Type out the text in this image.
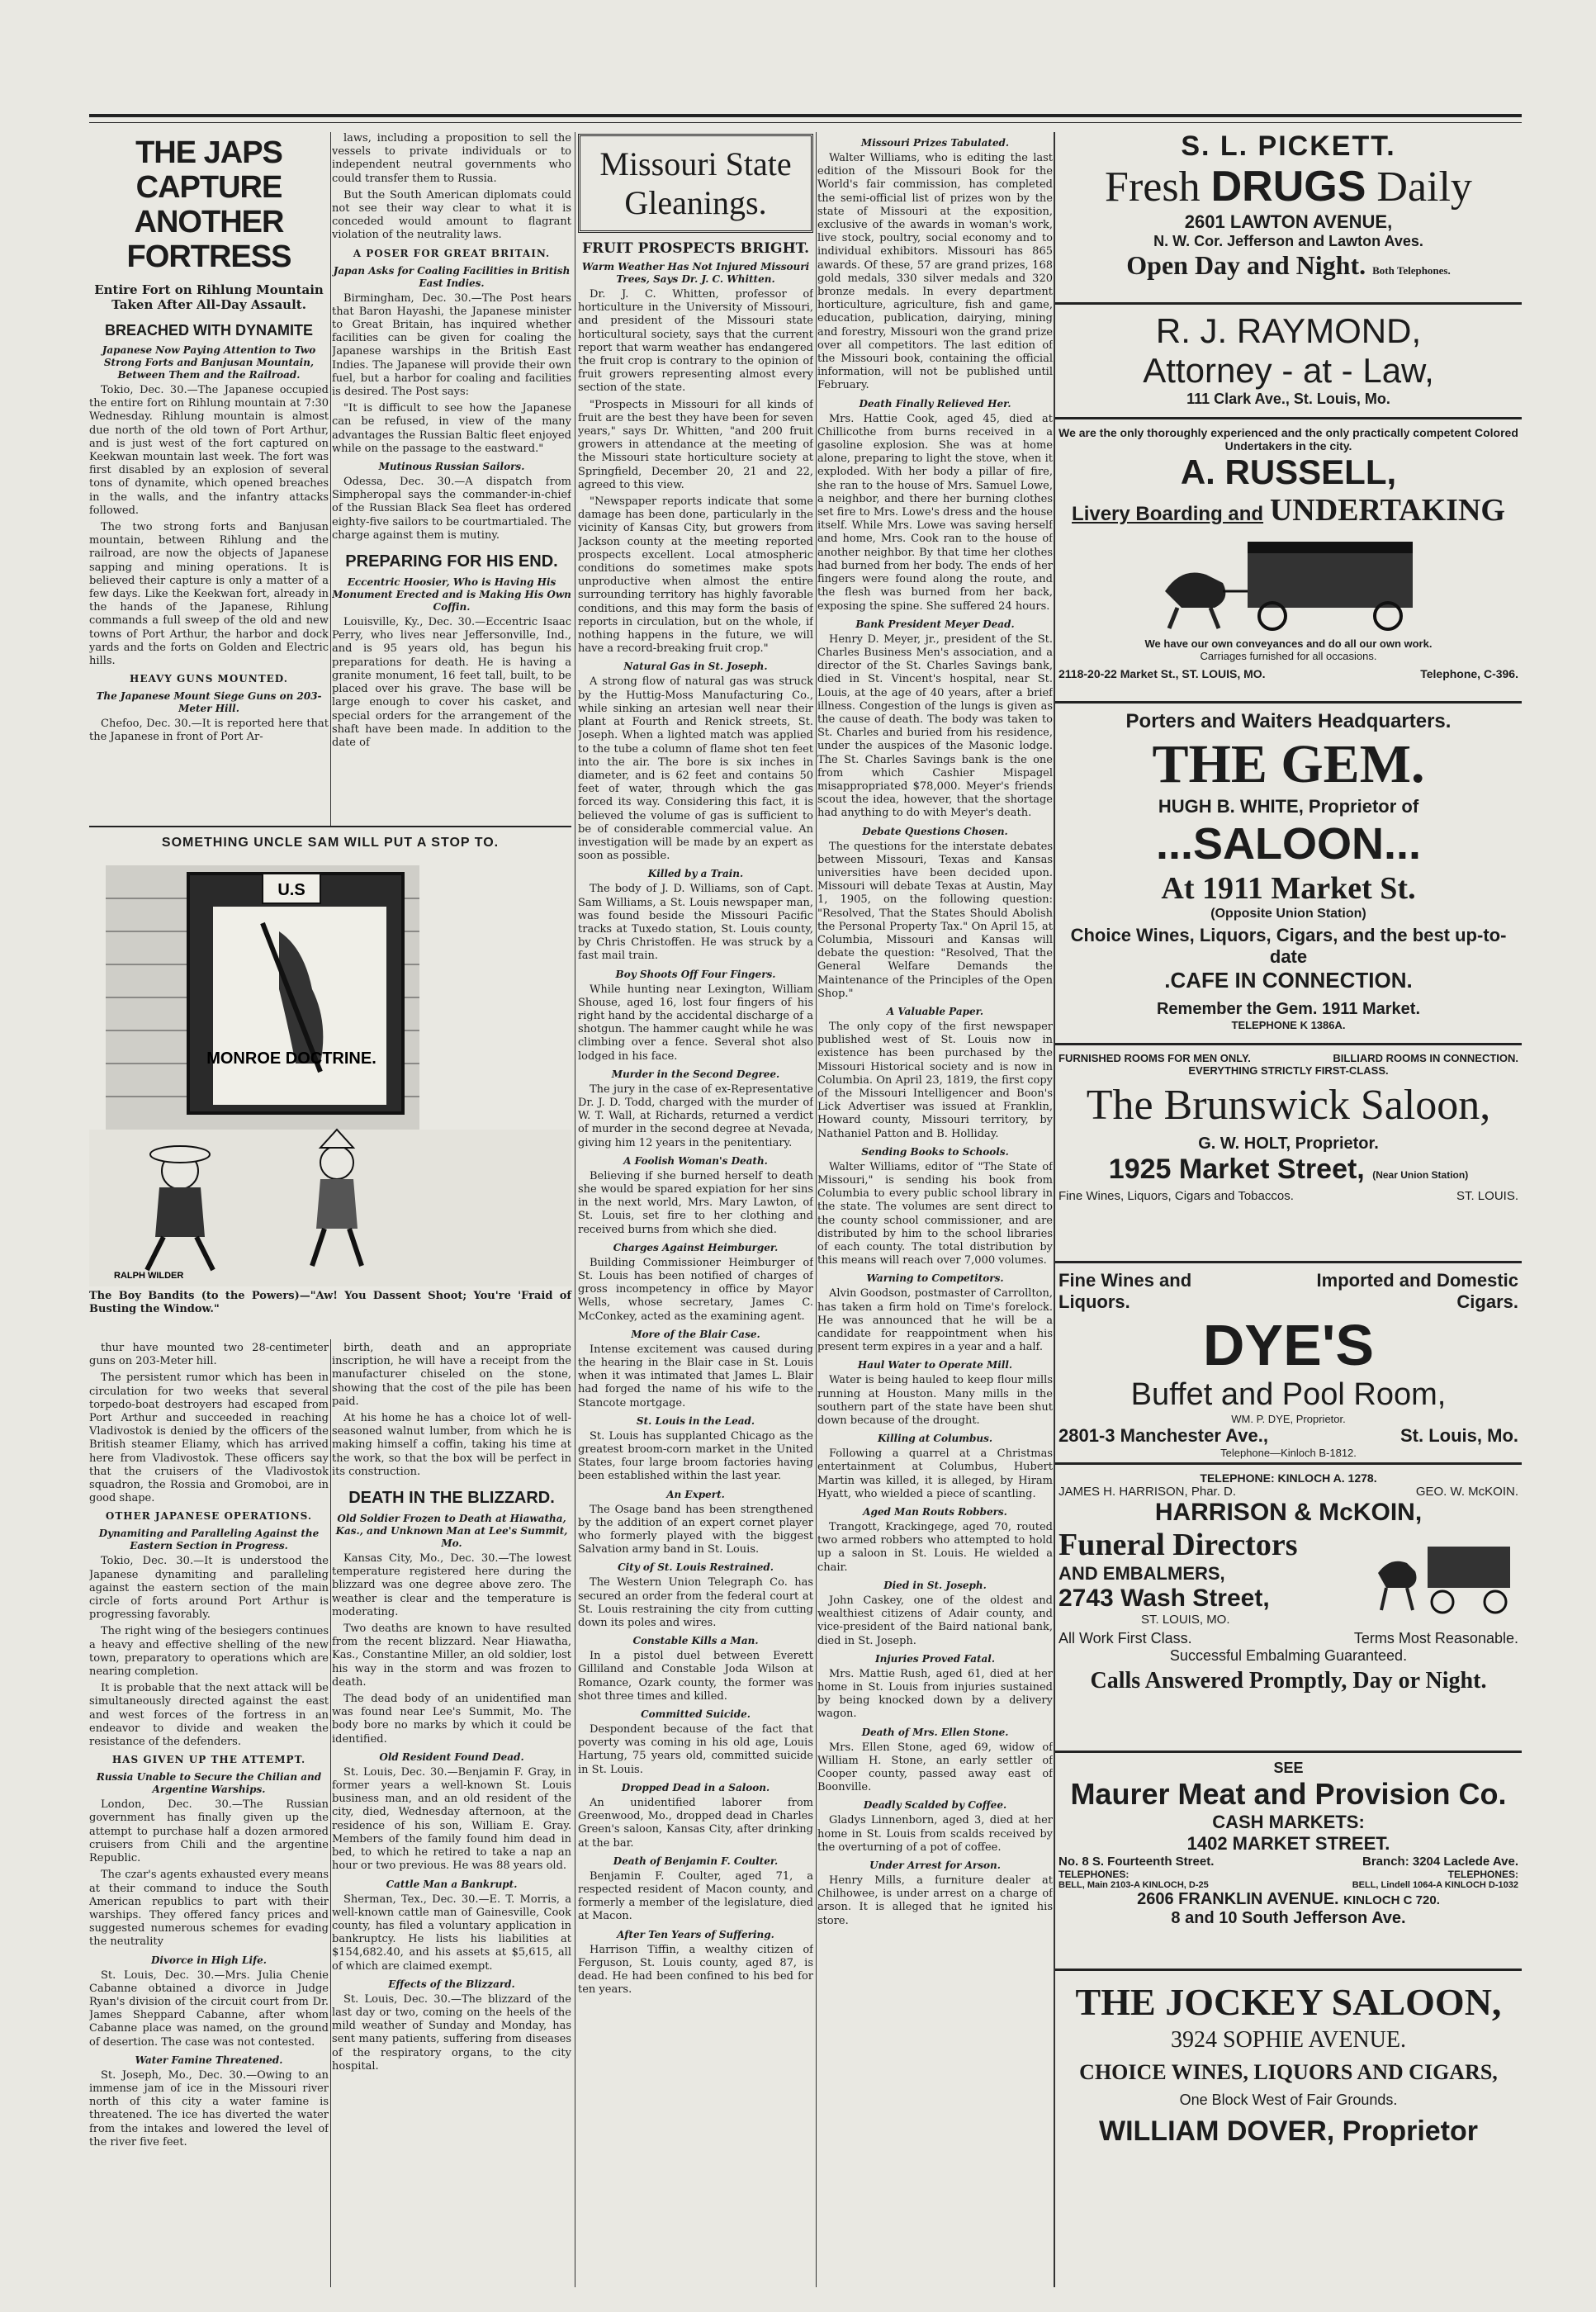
THE JAPS CAPTURE ANOTHER FORTRESS
Entire Fort on Rihlung Mountain Taken After All-Day Assault.
BREACHED WITH DYNAMITE
Japanese Now Paying Attention to Two Strong Forts and Banjusan Mountain, Between Them and the Railroad.

Tokio, Dec. 30.—The Japanese occupied the entire fort on Rihlung mountain at 7:30 Wednesday. Rihlung mountain is almost due north of the old town of Port Arthur, and is just west of the fort captured on Keekwan mountain last week. The fort was first disabled by an explosion of several tons of dynamite, which opened breaches in the walls, and the infantry attacks followed.

The two strong forts and Banjusan mountain, between Rihlung and the railroad, are now the objects of Japanese sapping and mining operations. It is believed their capture is only a matter of a few days. Like the Keekwan fort, already in the hands of the Japanese, Rihlung commands a full sweep of the old and new towns of Port Arthur, the harbor and dock yards and the forts on Golden and Electric hills.

HEAVY GUNS MOUNTED.
The Japanese Mount Siege Guns on 203-Meter Hill.

Chefoo, Dec. 30.—It is reported here that the Japanese in front of Port Ar-

SOMETHING UNCLE SAM WILL PUT A STOP TO.
U.S
MONROE DOCTRINE.
RALPH WILDER
The Boy Bandits (to the Powers)—"Aw! You Dassent Shoot; You're 'Fraid of Busting the Window."

thur have mounted two 28-centimeter guns on 203-Meter hill.

The persistent rumor which has been in circulation for two weeks that several torpedo-boat destroyers had escaped from Port Arthur and succeeded in reaching Vladivostok is denied by the officers of the British steamer Eliamy, which has arrived here from Vladivostok. These officers say that the cruisers of the Vladivostok squadron, the Rossia and Gromoboi, are in good shape.

OTHER JAPANESE OPERATIONS.
Dynamiting and Paralleling Against the Eastern Section in Progress.

Tokio, Dec. 30.—It is understood the Japanese dynamiting and paralleling against the eastern section of the main circle of forts around Port Arthur is progressing favorably.

The right wing of the besiegers continues a heavy and effective shelling of the new town, preparatory to operations which are nearing completion.

It is probable that the next attack will be simultaneously directed against the east and west forces of the fortress in an endeavor to divide and weaken the resistance of the defenders.

HAS GIVEN UP THE ATTEMPT.
Russia Unable to Secure the Chilian and Argentine Warships.

London, Dec. 30.—The Russian government has finally given up the attempt to purchase half a dozen armored cruisers from Chili and the argentine Republic.

The czar's agents exhausted every means at their command to induce the South American republics to part with their warships. They offered fancy prices and suggested numerous schemes for evading the neutrality

Divorce in High Life.

St. Louis, Dec. 30.—Mrs. Julia Chenie Cabanne obtained a divorce in Judge Ryan's division of the circuit court from Dr. James Sheppard Cabanne, after whom Cabanne place was named, on the ground of desertion. The case was not contested.

Water Famine Threatened.

St. Joseph, Mo., Dec. 30.—Owing to an immense jam of ice in the Missouri river north of this city a water famine is threatened. The ice has diverted the water from the intakes and lowered the level of the river five feet.

laws, including a proposition to sell the vessels to private individuals or to independent neutral governments who could transfer them to Russia.

But the South American diplomats could not see their way clear to what it is conceded would amount to flagrant violation of the neutrality laws.

A POSER FOR GREAT BRITAIN.
Japan Asks for Coaling Facilities in British East Indies.

Birmingham, Dec. 30.—The Post hears that Baron Hayashi, the Japanese minister to Great Britain, has inquired whether facilities can be given for coaling the Japanese warships in the British East Indies. The Japanese will provide their own fuel, but a harbor for coaling and facilities is desired. The Post says:

"It is difficult to see how the Japanese can be refused, in view of the many advantages the Russian Baltic fleet enjoyed while on the passage to the eastward."

Mutinous Russian Sailors.

Odessa, Dec. 30.—A dispatch from Simpheropal says the commander-in-chief of the Russian Black Sea fleet has ordered eighty-five sailors to be courtmartialed. The charge against them is mutiny.

PREPARING FOR HIS END.
Eccentric Hoosier, Who is Having His Monument Erected and is Making His Own Coffin.

Louisville, Ky., Dec. 30.—Eccentric Isaac Perry, who lives near Jeffersonville, Ind., and is 95 years old, has begun his preparations for death. He is having a granite monument, 16 feet tall, built, to be placed over his grave. The base will be large enough to cover his casket, and special orders for the arrangement of the shaft have been made. In addition to the date of

birth, death and an appropriate inscription, he will have a receipt from the manufacturer chiseled on the stone, showing that the cost of the pile has been paid.

At his home he has a choice lot of well-seasoned walnut lumber, from which he is making himself a coffin, taking his time at the work, so that the box will be perfect in its construction.

DEATH IN THE BLIZZARD.
Old Soldier Frozen to Death at Hiawatha, Kas., and Unknown Man at Lee's Summit, Mo.

Kansas City, Mo., Dec. 30.—The lowest temperature registered here during the blizzard was one degree above zero. The weather is clear and the temperature is moderating.

Two deaths are known to have resulted from the recent blizzard. Near Hiawatha, Kas., Constantine Miller, an old soldier, lost his way in the storm and was frozen to death.

The dead body of an unidentified man was found near Lee's Summit, Mo. The body bore no marks by which it could be identified.

Old Resident Found Dead.

St. Louis, Dec. 30.—Benjamin F. Gray, in former years a well-known St. Louis business man, and an old resident of the city, died, Wednesday afternoon, at the residence of his son, William E. Gray. Members of the family found him dead in bed, to which he retired to take a nap an hour or two previous. He was 88 years old.

Cattle Man a Bankrupt.

Sherman, Tex., Dec. 30.—E. T. Morris, a well-known cattle man of Gainesville, Cook county, has filed a voluntary application in bankruptcy. He lists his liabilities at $154,682.40, and his assets at $5,615, all of which are claimed exempt.

Effects of the Blizzard.

St. Louis, Dec. 30.—The blizzard of the last day or two, coming on the heels of the mild weather of Sunday and Monday, has sent many patients, suffering from diseases of the respiratory organs, to the city hospital.

Missouri State Gleanings.
FRUIT PROSPECTS BRIGHT.
Warm Weather Has Not Injured Missouri Trees, Says Dr. J. C. Whitten.

Dr. J. C. Whitten, professor of horticulture in the University of Missouri, and president of the Missouri state horticultural society, says that the current report that warm weather has endangered the fruit crop is contrary to the opinion of fruit growers representing almost every section of the state.

"Prospects in Missouri for all kinds of fruit are the best they have been for seven years," says Dr. Whitten, "and 200 fruit growers in attendance at the meeting of the Missouri state horticulture society at Springfield, December 20, 21 and 22, agreed to this view.

"Newspaper reports indicate that some damage has been done, particularly in the vicinity of Kansas City, but growers from Jackson county at the meeting reported prospects excellent. Local atmospheric conditions do sometimes make spots unproductive when almost the entire surrounding territory has highly favorable conditions, and this may form the basis of reports in circulation, but on the whole, if nothing happens in the future, we will have a record-breaking fruit crop."

Natural Gas in St. Joseph.

A strong flow of natural gas was struck by the Huttig-Moss Manufacturing Co., while sinking an artesian well near their plant at Fourth and Renick streets, St. Joseph. When a lighted match was applied to the tube a column of flame shot ten feet into the air. The bore is six inches in diameter, and is 62 feet and contains 50 feet of water, through which the gas forced its way. Considering this fact, it is believed the volume of gas is sufficient to be of considerable commercial value. An investigation will be made by an expert as soon as possible.

Killed by a Train.

The body of J. D. Williams, son of Capt. Sam Williams, a St. Louis newspaper man, was found beside the Missouri Pacific tracks at Tuxedo station, St. Louis county, by Chris Christoffen. He was struck by a fast mail train.

Boy Shoots Off Four Fingers.

While hunting near Lexington, William Shouse, aged 16, lost four fingers of his right hand by the accidental discharge of a shotgun. The hammer caught while he was climbing over a fence. Several shot also lodged in his face.

Murder in the Second Degree.

The jury in the case of ex-Representative Dr. J. D. Todd, charged with the murder of W. T. Wall, at Richards, returned a verdict of murder in the second degree at Nevada, giving him 12 years in the penitentiary.

A Foolish Woman's Death.

Believing if she burned herself to death she would be spared expiation for her sins in the next world, Mrs. Mary Lawton, of St. Louis, set fire to her clothing and received burns from which she died.

Charges Against Heimburger.

Building Commissioner Heimburger of St. Louis has been notified of charges of gross incompetency in office by Mayor Wells, whose secretary, James C. McConkey, acted as the examining agent.

More of the Blair Case.

Intense excitement was caused during the hearing in the Blair case in St. Louis when it was intimated that James L. Blair had forged the name of his wife to the Stancote mortgage.

St. Louis in the Lead.

St. Louis has supplanted Chicago as the greatest broom-corn market in the United States, four large broom factories having been established within the last year.

An Expert.

The Osage band has been strengthened by the addition of an expert cornet player who formerly played with the biggest Salvation army band in St. Louis.

City of St. Louis Restrained.

The Western Union Telegraph Co. has secured an order from the federal court at St. Louis restraining the city from cutting down its poles and wires.

Constable Kills a Man.

In a pistol duel between Everett Gilliland and Constable Joda Wilson at Romance, Ozark county, the former was shot three times and killed.

Committed Suicide.

Despondent because of the fact that poverty was coming in his old age, Louis Hartung, 75 years old, committed suicide in St. Louis.

Dropped Dead in a Saloon.

An unidentified laborer from Greenwood, Mo., dropped dead in Charles Green's saloon, Kansas City, after drinking at the bar.

Death of Benjamin F. Coulter.

Benjamin F. Coulter, aged 71, a respected resident of Macon county, and formerly a member of the legislature, died at Macon.

After Ten Years of Suffering.

Harrison Tiffin, a wealthy citizen of Ferguson, St. Louis county, aged 87, is dead. He had been confined to his bed for ten years.

Missouri Prizes Tabulated.

Walter Williams, who is editing the last edition of the Missouri Book for the World's fair commission, has completed the semi-official list of prizes won by the state of Missouri at the exposition, exclusive of the awards in woman's work, live stock, poultry, social economy and to individual exhibitors. Missouri has 865 awards. Of these, 57 are grand prizes, 168 gold medals, 330 silver medals and 320 bronze medals. In every department horticulture, agriculture, fish and game, education, publication, dairying, mining and forestry, Missouri won the grand prize over all competitors. The last edition of the Missouri book, containing the official information, will not be published until February.

Death Finally Relieved Her.

Mrs. Hattie Cook, aged 45, died at Chillicothe from burns received in a gasoline explosion. She was at home alone, preparing to light the stove, when it exploded. With her body a pillar of fire, she ran to the house of Mrs. Samuel Lowe, a neighbor, and there her burning clothes set fire to Mrs. Lowe's dress and the house itself. While Mrs. Lowe was saving herself and home, Mrs. Cook ran to the house of another neighbor. By that time her clothes had burned from her body. The ends of her fingers were found along the route, and the flesh was burned from her back, exposing the spine. She suffered 24 hours.

Bank President Meyer Dead.

Henry D. Meyer, jr., president of the St. Charles Business Men's association, and a director of the St. Charles Savings bank, died in St. Vincent's hospital, near St. Louis, at the age of 40 years, after a brief illness. Congestion of the lungs is given as the cause of death. The body was taken to St. Charles and buried from his residence, under the auspices of the Masonic lodge. The St. Charles Savings bank is the one from which Cashier Mispagel misappropriated $78,000. Meyer's friends scout the idea, however, that the shortage had anything to do with Meyer's death.

Debate Questions Chosen.

The questions for the interstate debates between Missouri, Texas and Kansas universities have been decided upon. Missouri will debate Texas at Austin, May 1, 1905, on the following question: "Resolved, That the States Should Abolish the Personal Property Tax." On April 15, at Columbia, Missouri and Kansas will debate the question: "Resolved, That the General Welfare Demands the Maintenance of the Principles of the Open Shop."

A Valuable Paper.

The only copy of the first newspaper published west of St. Louis now in existence has been purchased by the Missouri Historical society and is now in Columbia. On April 23, 1819, the first copy of the Missouri Intelligencer and Boon's Lick Advertiser was issued at Franklin, Howard county, Missouri territory, by Nathaniel Patton and B. Holliday.

Sending Books to Schools.

Walter Williams, editor of "The State of Missouri," is sending his book from Columbia to every public school library in the state. The volumes are sent direct to the county school commissioner, and are distributed by him to the school libraries of each county. The total distribution by this means will reach over 7,000 volumes.

Warning to Competitors.

Alvin Goodson, postmaster of Carrollton, has taken a firm hold on Time's forelock. He was announced that he will be a candidate for reappointment when his present term expires in a year and a half.

Haul Water to Operate Mill.

Water is being hauled to keep flour mills running at Houston. Many mills in the southern part of the state have been shut down because of the drought.

Killing at Columbus.

Following a quarrel at a Christmas entertainment at Columbus, Hubert Martin was killed, it is alleged, by Hiram Hyatt, who wielded a piece of scantling.

Aged Man Routs Robbers.

Trangott, Krackingege, aged 70, routed two armed robbers who attempted to hold up a saloon in St. Louis. He wielded a chair.

Died in St. Joseph.

John Caskey, one of the oldest and wealthiest citizens of Adair county, and vice-president of the Baird national bank, died in St. Joseph.

Injuries Proved Fatal.

Mrs. Mattie Rush, aged 61, died at her home in St. Louis from injuries sustained by being knocked down by a delivery wagon.

Death of Mrs. Ellen Stone.

Mrs. Ellen Stone, aged 69, widow of William H. Stone, an early settler of Cooper county, passed away east of Boonville.

Deadly Scalded by Coffee.

Gladys Linnenborn, aged 3, died at her home in St. Louis from scalds received by the overturning of a pot of coffee.

Under Arrest for Arson.

Henry Mills, a furniture dealer at Chilhowee, is under arrest on a charge of arson. It is alleged that he ignited his store.

S. L. PICKETT.
Fresh DRUGS Daily
2601 LAWTON AVENUE,
N. W. Cor. Jefferson and Lawton Aves.
Open Day and Night. Both Telephones.
R. J. RAYMOND,
Attorney - at - Law,
111 Clark Ave., St. Louis, Mo.
We are the only thoroughly experienced and the only practically competent Colored Undertakers in the city.
A. RUSSELL,
Livery Boarding and UNDERTAKING
We have our own conveyances and do all our own work.
Carriages furnished for all occasions.
2118-20-22 Market St., ST. LOUIS, MO.	Telephone, C-396.
Porters and Waiters Headquarters.
THE GEM.
HUGH B. WHITE, Proprietor of
...SALOON...
At 1911 Market St.
(Opposite Union Station)
Choice Wines, Liquors, Cigars, and the best up-to-date
.CAFE IN CONNECTION.
Remember the Gem. 1911 Market.
TELEPHONE K 1386A.
FURNISHED ROOMS FOR MEN ONLY.	BILLIARD ROOMS IN CONNECTION.
EVERYTHING STRICTLY FIRST-CLASS.
The Brunswick Saloon,
G. W. HOLT, Proprietor.
1925 Market Street, (Near Union Station)
Fine Wines, Liquors, Cigars and Tobaccos.	ST. LOUIS.
Fine Wines and Liquors.
Imported and Domestic Cigars.
DYE'S
Buffet and Pool Room,
WM. P. DYE, Proprietor.
2801-3 Manchester Ave.,	St. Louis, Mo.
Telephone—Kinloch B-1812.
TELEPHONE: KINLOCH A. 1278.
JAMES H. HARRISON, Phar. D.	GEO. W. McKOIN.
HARRISON & McKOIN,
Funeral Directors
AND EMBALMERS,
2743 Wash Street,
ST. LOUIS, MO.
All Work First Class.	Terms Most Reasonable.
Successful Embalming Guaranteed.
Calls Answered Promptly, Day or Night.
SEE
Maurer Meat and Provision Co.
CASH MARKETS:
1402 MARKET STREET.
No. 8 S. Fourteenth Street.	Branch: 3204 Laclede Ave.
TELEPHONES:	TELEPHONES:
BELL, Main 2103-A KINLOCH, D-25	BELL, Lindell 1064-A KINLOCH D-1032
2606 FRANKLIN AVENUE. KINLOCH C 720.
8 and 10 South Jefferson Ave.
THE JOCKEY SALOON,
3924 SOPHIE AVENUE.
CHOICE WINES, LIQUORS AND CIGARS,
One Block West of Fair Grounds.
WILLIAM DOVER, Proprietor
